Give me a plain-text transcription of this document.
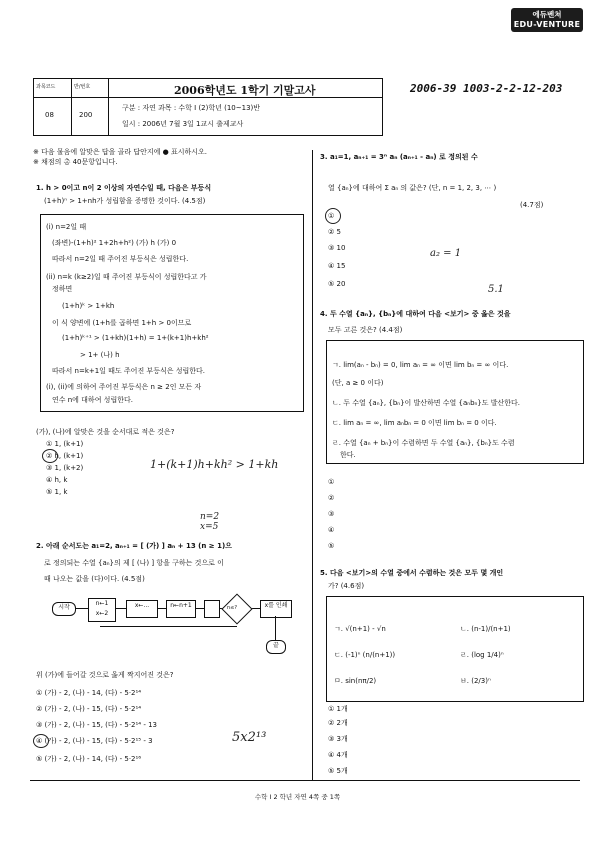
에듀벤쳐
EDU-VENTURE
과목코드	반/번호
08	200
2006학년도 1학기 기말고사
구분 : 자연 과목 : 수학 I (2)학년 (10~13)반
일시 : 2006년 7월 3일 1교시 출제교사
2006-39 1003-2-2-12-203
※ 다음 물음에 알맞은 답을 골라 답안지에 ● 표시하시오.
※ 채점의 총 40문항입니다.
1. h > 0이고 n이 2 이상의 자연수일 때, 다음은 부등식
(1+h)ⁿ > 1+nh가 성립함을 증명한 것이다. (4.5점)
(i) n=2일 때
(좌변)-(1+h)² 1+2h+h²) (가) h (가) 0
따라서 n=2일 때 주어진 부등식은 성립한다.
(ii) n=k (k≥2)일 때 주어진 부등식이 성립한다고 가
정하면
(1+h)ᵏ > 1+kh
이 식 양변에 (1+h를 곱하면 1+h > 0이므로
(1+h)ᵏ⁺¹ > (1+kh)(1+h) = 1+(k+1)h+kh²
> 1+ (나) h
따라서 n=k+1일 때도 주어진 부등식은 성립한다.
(i), (ii)에 의하여 주어진 부등식은 n ≥ 2인 모든 자
연수 n에 대하여 성립한다.
(가), (나)에 알맞은 것을 순서대로 적은 것은?
① 1, (k+1)
② h, (k+1)
③ 1, (k+2)
④ h, k
⑤ 1, k
1+(k+1)h+kh² > 1+kh
n=2
x=5
2. 아래 순서도는 a₁=2, aₙ₊₁ = [ (가) ] aₙ + 13 (n ≥ 1)으
로 정의되는 수열 {aₙ}의 제 [ (나) ] 항을 구하는 것으로 이
때 나오는 값을 (다)이다. (4.5점)
시작
n←1 x←2
x←...	n←n+1	n≤?	x를 인쇄
끝
위 (가)에 들어갈 것으로 옳게 짝지어진 것은?
① (가) - 2, (나) - 14, (다) - 5·2¹⁴
② (가) - 2, (나) - 15, (다) - 5·2¹⁴
③ (가) - 2, (나) - 15, (다) - 5·2¹⁴ - 13
④ (가) - 2, (나) - 15, (다) - 5·2¹⁵ - 3
⑤ (가) - 2, (나) - 14, (다) - 5·2¹⁶
5x2¹³
3. a₁=1, aₙ₊₁ = 3ⁿ aₙ (aₙ₊₁ - aₙ) 로 정의된 수
열 {aₙ}에 대하여 Σ aₙ 의 값은? (단, n = 1, 2, 3, ⋯ )
(4.7점)
①
② 5
③ 10
④ 15
⑤ 20
a₂ = 1
5.1
4. 두 수열 {aₙ}, {bₙ}에 대하여 다음 <보기> 중 옳은 것을
모두 고른 것은? (4.4점)
ㄱ. lim(aₙ - bₙ) = 0, lim aₙ = ∞ 이면 lim bₙ = ∞ 이다.
(단, a ≥ 0 이다)
ㄴ. 두 수열 {aₙ}, {bₙ}이 발산하면 수열 {aₙbₙ}도 발산한다.
ㄷ. lim aₙ = ∞, lim aₙbₙ = 0 이면 lim bₙ = 0 이다.
ㄹ. 수열 {aₙ + bₙ}이 수렴하면 두 수열 {aₙ}, {bₙ}도 수렴
한다.
①
②
③
④
⑤
5. 다음 <보기>의 수열 중에서 수렴하는 것은 모두 몇 개인
가? (4.6점)
ㄱ. √(n+1) - √n	ㄴ. (n-1)/(n+1)
ㄷ. (-1)ⁿ (n/(n+1))	ㄹ. (log 1/4)ⁿ
ㅁ. sin(nπ/2)	ㅂ. (2/3)ⁿ
① 1개
② 2개
③ 3개
④ 4개
⑤ 5개
수학 I 2 학년 자연 4쪽 중 1쪽
